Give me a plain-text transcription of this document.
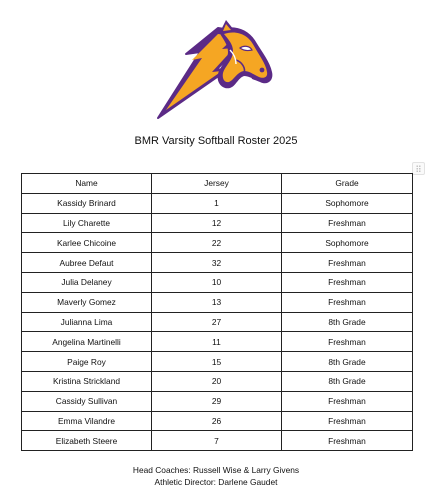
BMR Varsity Softball Roster 2025
Name	Jersey	Grade
Kassidy Brinard	1	Sophomore
Lily Charette	12	Freshman
Karlee Chicoine	22	Sophomore
Aubree Defaut	32	Freshman
Julia Delaney	10	Freshman
Maverly Gomez	13	Freshman
Julianna Lima	27	8th Grade
Angelina Martinelli	11	Freshman
Paige Roy	15	8th Grade
Kristina Strickland	20	8th Grade
Cassidy Sullivan	29	Freshman
Emma Vilandre	26	Freshman
Elizabeth Steere	7	Freshman
Head Coaches: Russell Wise & Larry Givens
Athletic Director: Darlene Gaudet
